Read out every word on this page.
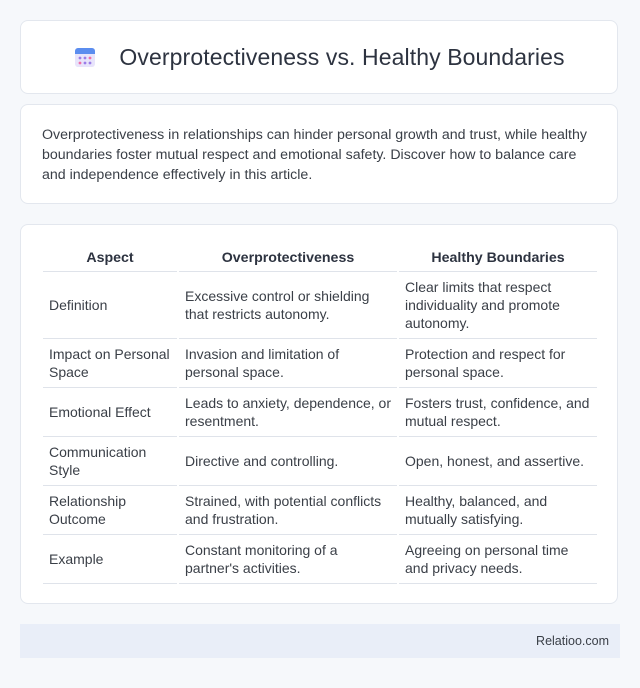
Overprotectiveness vs. Healthy Boundaries

Overprotectiveness in relationships can hinder personal growth and trust, while healthy boundaries foster mutual respect and emotional safety. Discover how to balance care and independence effectively in this article.

Aspect	Overprotectiveness	Healthy Boundaries
Definition	Excessive control or shielding that restricts autonomy.	Clear limits that respect individuality and promote autonomy.
Impact on Personal Space	Invasion and limitation of personal space.	Protection and respect for personal space.
Emotional Effect	Leads to anxiety, dependence, or resentment.	Fosters trust, confidence, and mutual respect.
Communication Style	Directive and controlling.	Open, honest, and assertive.
Relationship Outcome	Strained, with potential conflicts and frustration.	Healthy, balanced, and mutually satisfying.
Example	Constant monitoring of a partner's activities.	Agreeing on personal time and privacy needs.
Relatioo.com
